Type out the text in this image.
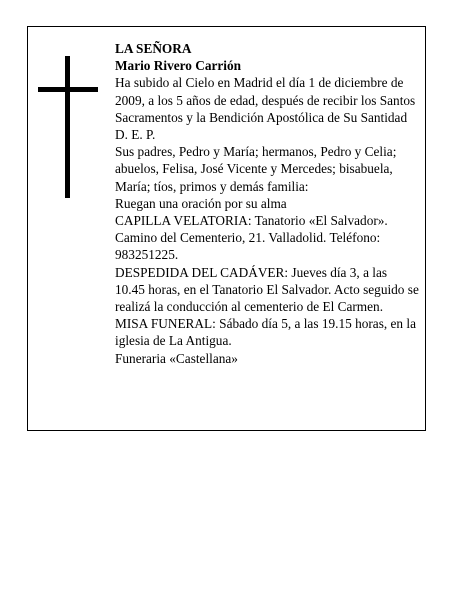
LA SEÑORA

Mario Rivero Carrión

Ha subido al Cielo en Madrid el día 1 de diciembre de 2009, a los 5 años de edad, después de recibir los Santos Sacramentos y la Bendición Apostólica de Su Santidad

D. E. P.

Sus padres, Pedro y María; hermanos, Pedro y Celia; abuelos, Felisa, José Vicente y Mercedes; bisabuela, María; tíos, primos y demás familia:

Ruegan una oración por su alma

CAPILLA VELATORIA: Tanatorio «El Salvador». Camino del Cementerio, 21. Valladolid. Teléfono: 983251225.

DESPEDIDA DEL CADÁVER: Jueves día 3, a las 10.45 horas, en el Tanatorio El Salvador. Acto seguido se realizá la conducción al cementerio de El Carmen.

MISA FUNERAL: Sábado día 5, a las 19.15 horas, en la iglesia de La Antigua.

Funeraria «Castellana»
